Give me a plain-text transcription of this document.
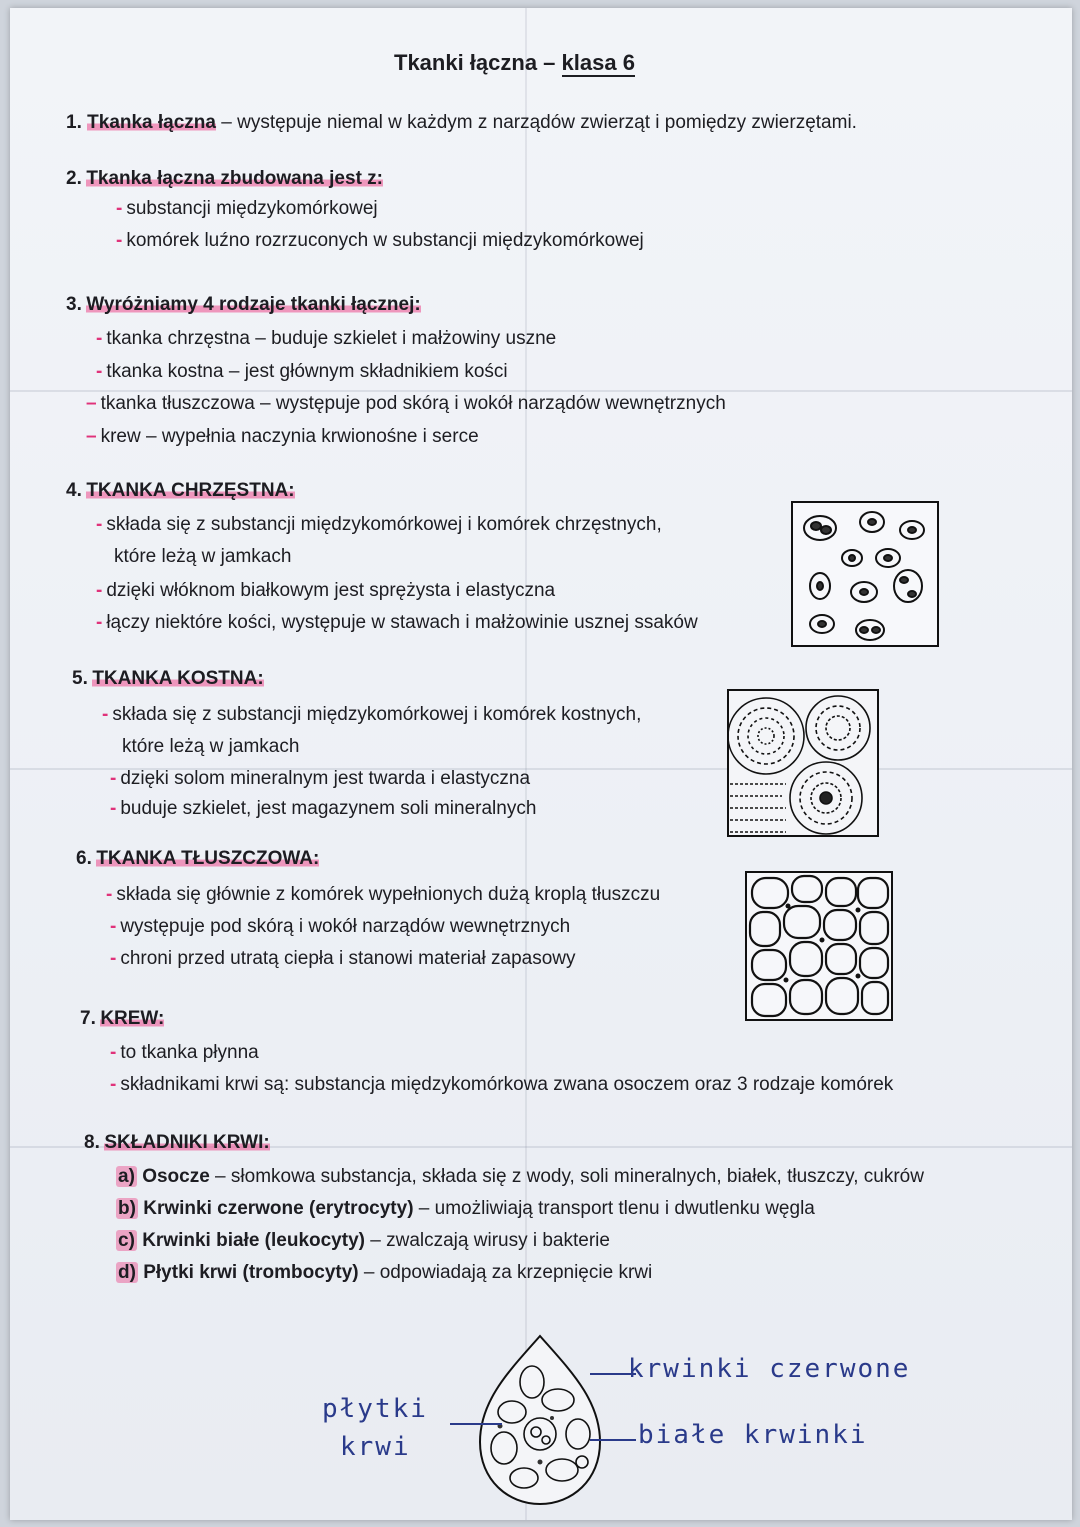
Tkanki łączna – klasa 6
1. Tkanka łączna – występuje niemal w każdym z narządów zwierząt i pomiędzy zwierzętami.
2. Tkanka łączna zbudowana jest z:
- substancji międzykomórkowej
- komórek luźno rozrzuconych w substancji międzykomórkowej
3. Wyróżniamy 4 rodzaje tkanki łącznej:
- tkanka chrzęstna – buduje szkielet i małżowiny uszne
- tkanka kostna – jest głównym składnikiem kości
– tkanka tłuszczowa – występuje pod skórą i wokół narządów wewnętrznych
– krew – wypełnia naczynia krwionośne i serce
4. TKANKA CHRZĘSTNA:
- składa się z substancji międzykomórkowej i komórek chrzęstnych,
które leżą w jamkach
- dzięki włóknom białkowym jest sprężysta i elastyczna
- łączy niektóre kości, występuje w stawach i małżowinie usznej ssaków
5. TKANKA KOSTNA:
- składa się z substancji międzykomórkowej i komórek kostnych,
które leżą w jamkach
- dzięki solom mineralnym jest twarda i elastyczna
- buduje szkielet, jest magazynem soli mineralnych
6. TKANKA TŁUSZCZOWA:
- składa się głównie z komórek wypełnionych dużą kroplą tłuszczu
- występuje pod skórą i wokół narządów wewnętrznych
- chroni przed utratą ciepła i stanowi materiał zapasowy
7. KREW:
- to tkanka płynna
- składnikami krwi są: substancja międzykomórkowa zwana osoczem oraz 3 rodzaje komórek
8. SKŁADNIKI KRWI:
a) Osocze – słomkowa substancja, składa się z wody, soli mineralnych, białek, tłuszczy, cukrów
b) Krwinki czerwone (erytrocyty) – umożliwiają transport tlenu i dwutlenku węgla
c) Krwinki białe (leukocyty) – zwalczają wirusy i bakterie
d) Płytki krwi (trombocyty) – odpowiadają za krzepnięcie krwi
krwinki czerwone
białe krwinki
płytki
krwi
